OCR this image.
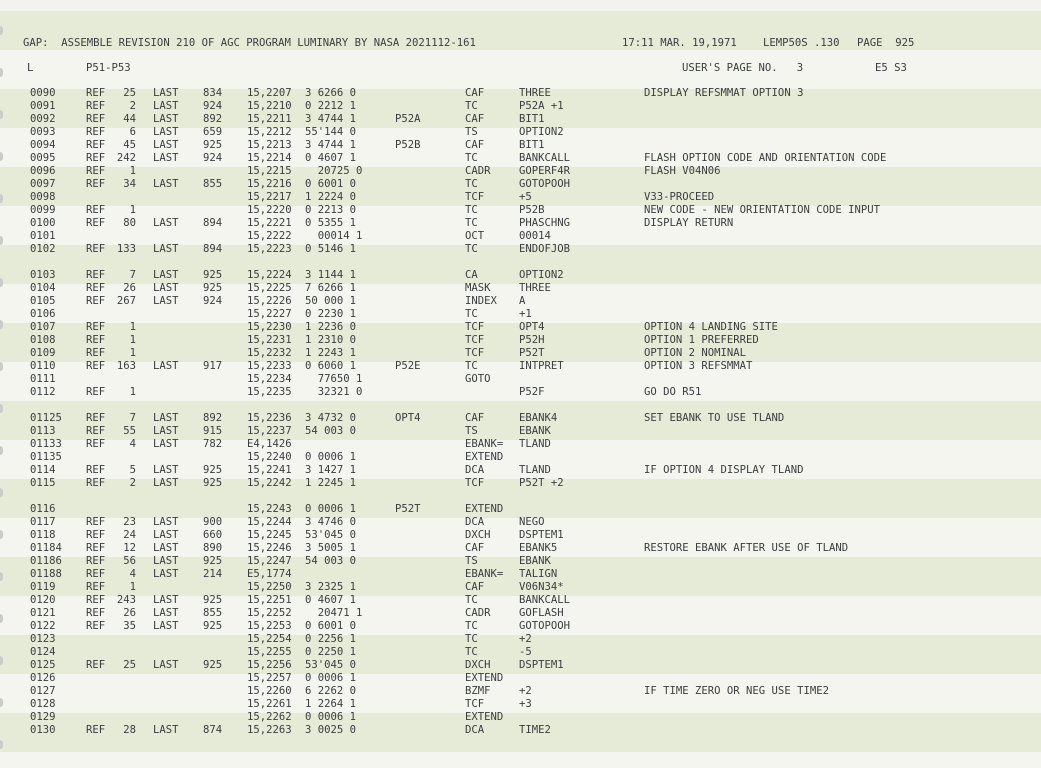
GAP:  ASSEMBLE REVISION 210 OF AGC PROGRAM LUMINARY BY NASA 2021112-161	17:11 MAR. 19,1971 LEMP50S .130 PAGE  925
L	P51-P53	USER'S PAGE NO.   3	E5 S3
0090	REF	25 LAST 834 15,2207 3 6266 0	CAF	THREE	DISPLAY REFSMMAT OPTION 3
0091	REF	2 LAST 924 15,2210 0 2212 1	TC	P52A +1
0092	REF	44 LAST 892 15,2211 3 4744 1	P52A	CAF	BIT1
0093	REF	6 LAST 659 15,2212 55'144 0	TS	OPTION2
0094	REF	45 LAST 925 15,2213 3 4744 1	P52B	CAF	BIT1
0095	REF	242 LAST 924 15,2214 0 4607 1	TC	BANKCALL	FLASH OPTION CODE AND ORIENTATION CODE
0096	REF	1	15,2215 20725 0	CADR	GOPERF4R	FLASH V04N06
0097	REF	34 LAST 855 15,2216 0 6001 0	TC	GOTOPOOH
0098	15,2217 1 2224 0	TCF	+5	V33-PROCEED
0099	REF	1	15,2220 0 2213 0	TC	P52B	NEW CODE - NEW ORIENTATION CODE INPUT
0100	REF	80 LAST 894 15,2221 0 5355 1	TC	PHASCHNG	DISPLAY RETURN
0101	15,2222 00014 1	OCT	00014
0102	REF	133 LAST 894 15,2223 0 5146 1	TC	ENDOFJOB
0103	REF	7 LAST 925 15,2224 3 1144 1	CA	OPTION2
0104	REF	26 LAST 925 15,2225 7 6266 1	MASK	THREE
0105	REF	267 LAST 924 15,2226 50 000 1	INDEX A
0106	15,2227 0 2230 1	TC	+1
0107	REF	1	15,2230 1 2236 0	TCF	OPT4	OPTION 4 LANDING SITE
0108	REF	1	15,2231 1 2310 0	TCF	P52H	OPTION 1 PREFERRED
0109	REF	1	15,2232 1 2243 1	TCF	P52T	OPTION 2 NOMINAL
0110	REF	163 LAST 917 15,2233 0 6060 1	P52E	TC	INTPRET	OPTION 3 REFSMMAT
0111	15,2234 77650 1	GOTO
0112	REF	1	15,2235 32321 0	P52F	GO DO R51
01125 REF	7 LAST 892 15,2236 3 4732 0	OPT4	CAF	EBANK4	SET EBANK TO USE TLAND
0113	REF	55 LAST 915 15,2237 54 003 0	TS	EBANK
01133 REF	4 LAST 782 E4,1426	EBANK= TLAND
01135	15,2240 0 0006 1	EXTEND
0114	REF	5 LAST 925 15,2241 3 1427 1	DCA	TLAND	IF OPTION 4 DISPLAY TLAND
0115	REF	2 LAST 925 15,2242 1 2245 1	TCF	P52T +2
0116	15,2243 0 0006 1	P52T	EXTEND
0117	REF	23 LAST 900 15,2244 3 4746 0	DCA	NEGO
0118	REF	24 LAST 660 15,2245 53'045 0	DXCH	DSPTEM1
01184 REF	12 LAST 890 15,2246 3 5005 1	CAF	EBANK5	RESTORE EBANK AFTER USE OF TLAND
01186 REF	56 LAST 925 15,2247 54 003 0	TS	EBANK
01188 REF	4 LAST 214 E5,1774	EBANK= TALIGN
0119	REF	1	15,2250 3 2325 1	CAF	V06N34*
0120	REF	243 LAST 925 15,2251 0 4607 1	TC	BANKCALL
0121	REF	26 LAST 855 15,2252 20471 1	CADR	GOFLASH
0122	REF	35 LAST 925 15,2253 0 6001 0	TC	GOTOPOOH
0123	15,2254 0 2256 1	TC	+2
0124	15,2255 0 2250 1	TC	-5
0125	REF	25 LAST 925 15,2256 53'045 0	DXCH	DSPTEM1
0126	15,2257 0 0006 1	EXTEND
0127	15,2260 6 2262 0	BZMF	+2	IF TIME ZERO OR NEG USE TIME2
0128	15,2261 1 2264 1	TCF	+3
0129	15,2262 0 0006 1	EXTEND
0130	REF	28 LAST 874 15,2263 3 0025 0	DCA	TIME2
